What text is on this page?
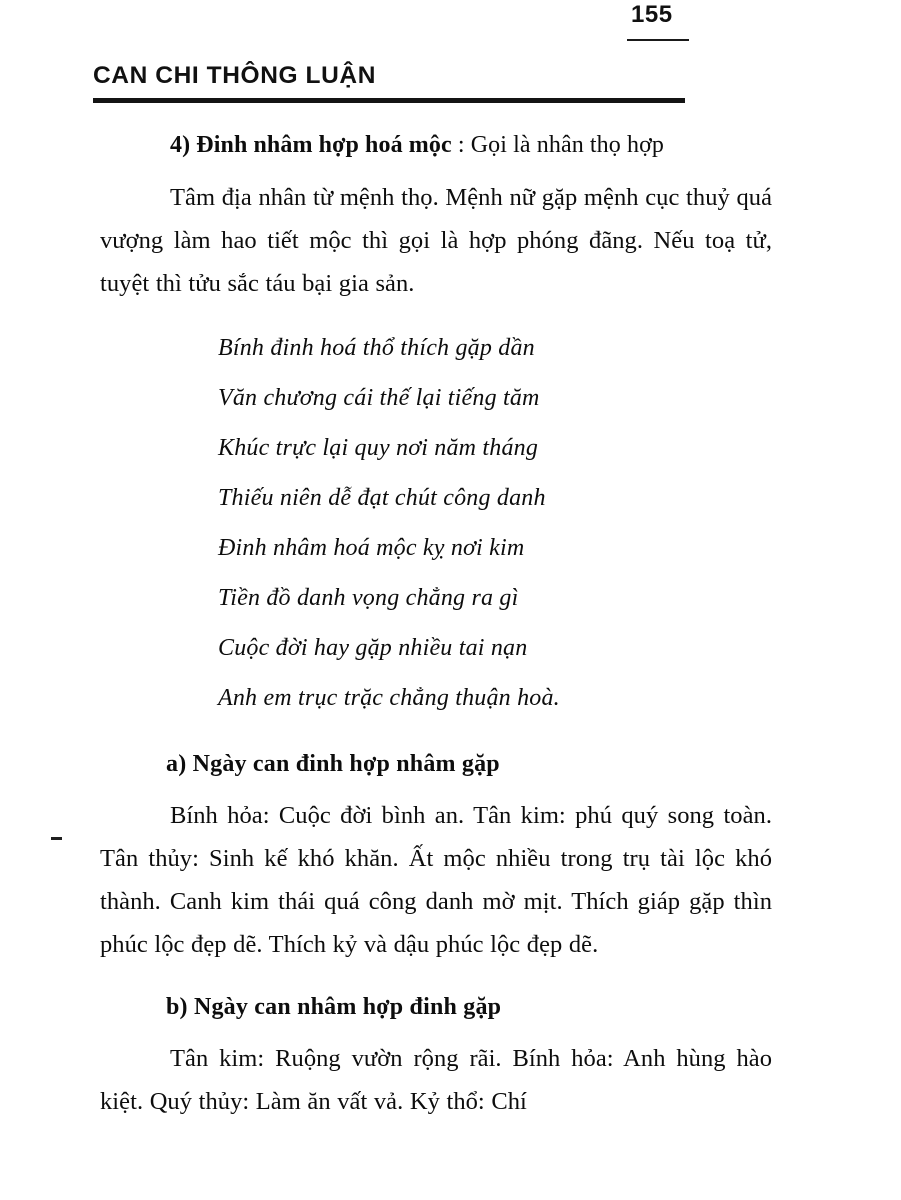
CAN CHI THÔNG LUẬN
155

4) Đinh nhâm hợp hoá mộc : Gọi là nhân thọ hợp

Tâm địa nhân từ mệnh thọ. Mệnh nữ gặp mệnh cục thuỷ quá vượng làm hao tiết mộc thì gọi là hợp phóng đãng. Nếu toạ tử, tuyệt thì tửu sắc táu bại gia sản.

Bính đinh hoá thổ thích gặp dần
Văn chương cái thế lại tiếng tăm
Khúc trực lại quy nơi năm tháng
Thiếu niên dễ đạt chút công danh
Đinh nhâm hoá mộc kỵ nơi kim
Tiền đồ danh vọng chẳng ra gì
Cuộc đời hay gặp nhiều tai nạn
Anh em trục trặc chẳng thuận hoà.

a) Ngày can đinh hợp nhâm gặp

Bính hỏa: Cuộc đời bình an. Tân kim: phú quý song toàn. Tân thủy: Sinh kế khó khăn. Ất mộc nhiều trong trụ tài lộc khó thành. Canh kim thái quá công danh mờ mịt. Thích giáp gặp thìn phúc lộc đẹp dẽ. Thích kỷ và dậu phúc lộc đẹp dẽ.

b) Ngày can nhâm hợp đinh gặp

Tân kim: Ruộng vườn rộng rãi. Bính hỏa: Anh hùng hào kiệt. Quý thủy: Làm ăn vất vả. Kỷ thổ: Chí
